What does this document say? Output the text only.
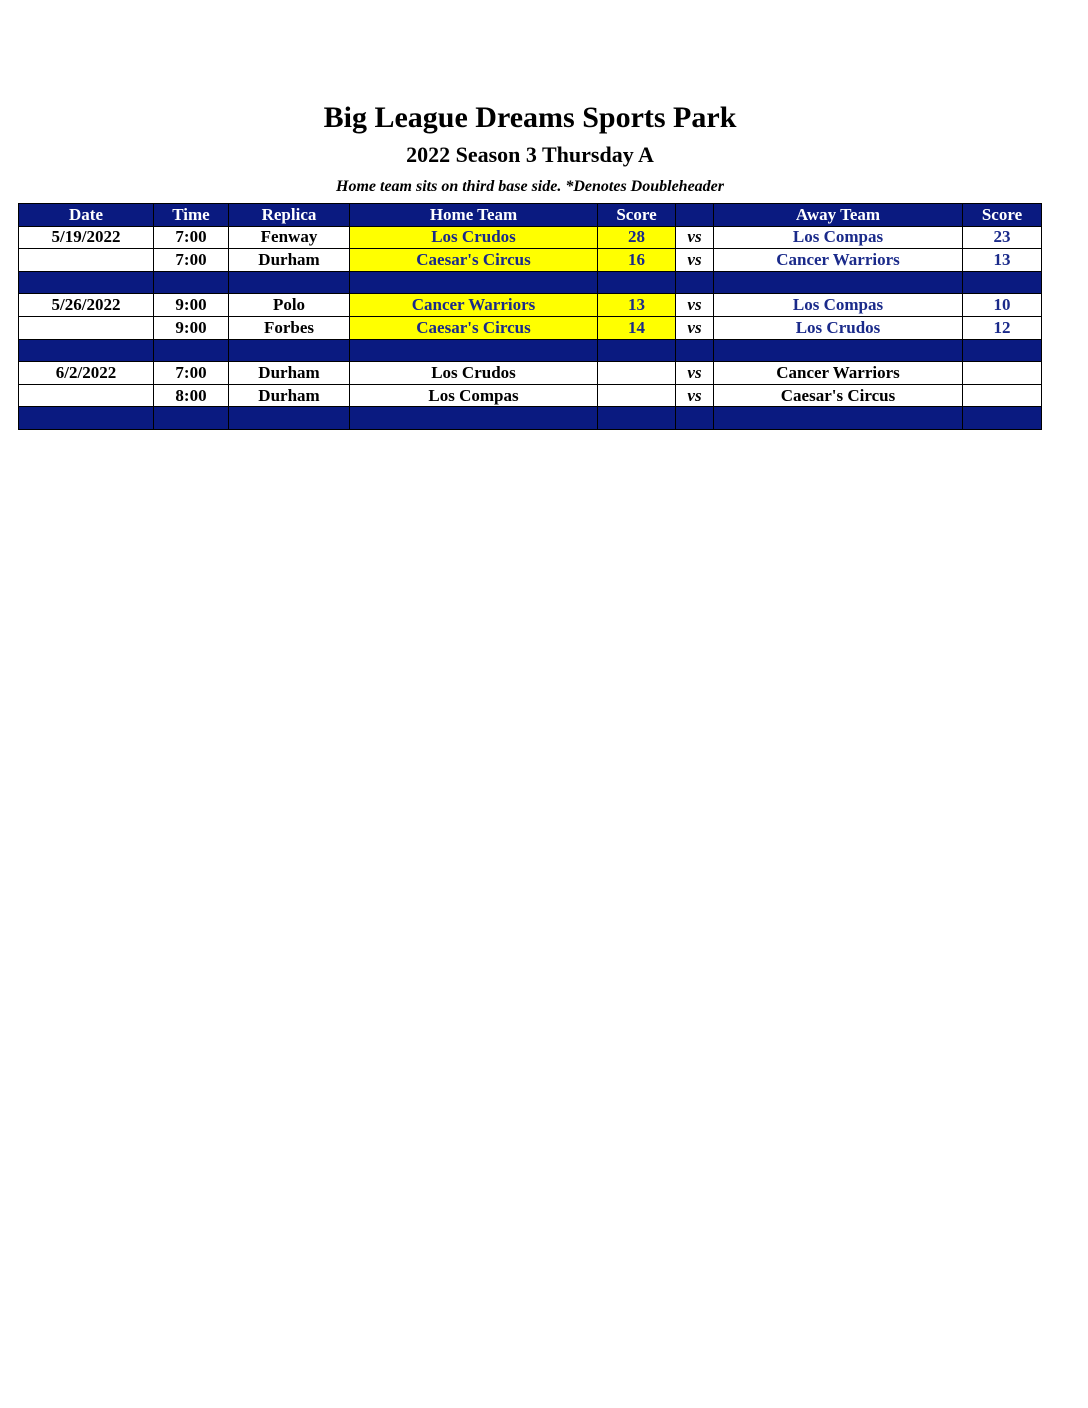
Big League Dreams Sports Park
2022 Season 3 Thursday A
Home team sits on third base side. *Denotes Doubleheader
Date	Time	Replica	Home Team	Score		Away Team	Score
5/19/2022	7:00	Fenway	Los Crudos	28	vs	Los Compas	23
	7:00	Durham	Caesar's Circus	16	vs	Cancer Warriors	13

5/26/2022	9:00	Polo	Cancer Warriors	13	vs	Los Compas	10
	9:00	Forbes	Caesar's Circus	14	vs	Los Crudos	12

6/2/2022	7:00	Durham	Los Crudos		vs	Cancer Warriors	
	8:00	Durham	Los Compas		vs	Caesar's Circus	
